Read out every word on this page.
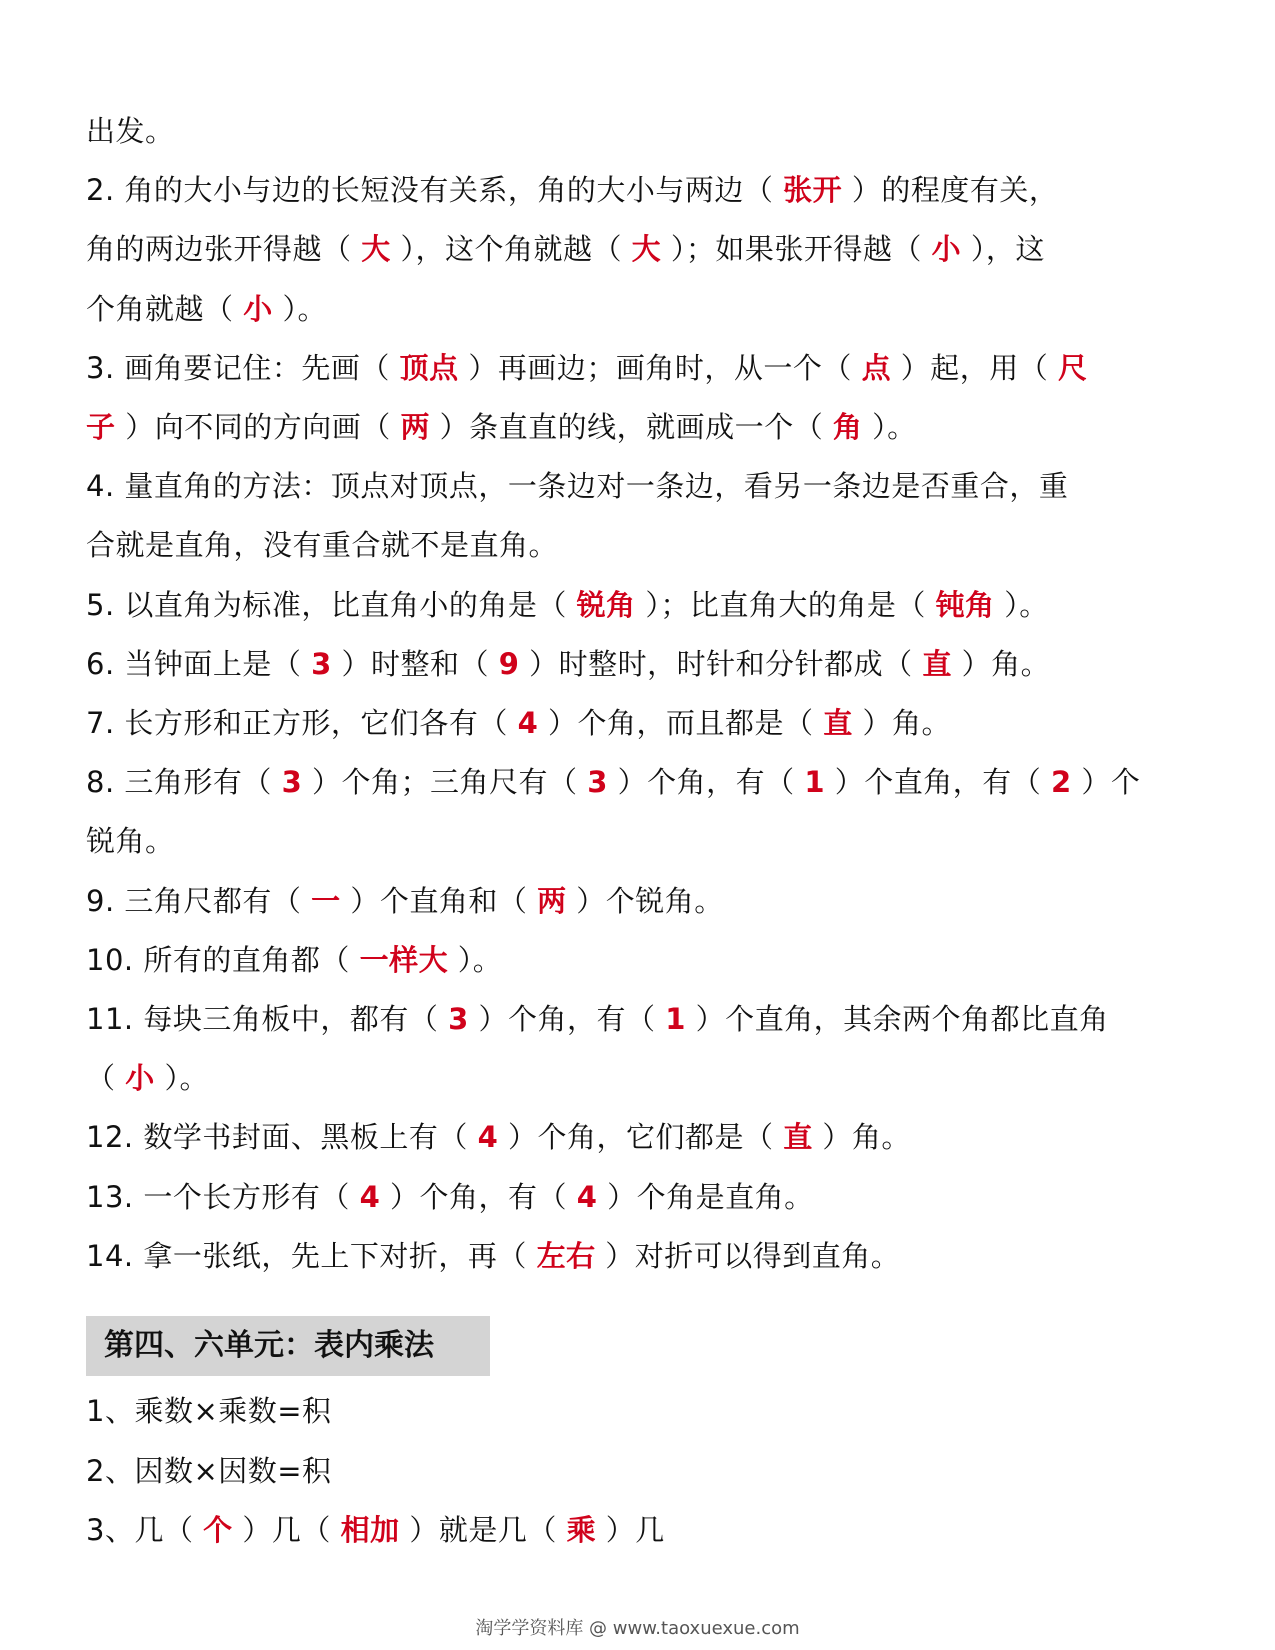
出发。
2. 角的大小与边的长短没有关系，角的大小与两边（ 张开 ）的程度有关，
角的两边张开得越（ 大 ），这个角就越（ 大 ）；如果张开得越（ 小 ），这
个角就越（ 小 ）。
3. 画角要记住：先画（ 顶点 ）再画边；画角时，从一个（ 点 ）起，用（ 尺
子 ）向不同的方向画（ 两 ）条直直的线，就画成一个（ 角 ）。
4. 量直角的方法：顶点对顶点，一条边对一条边，看另一条边是否重合，重
合就是直角，没有重合就不是直角。
5. 以直角为标准，比直角小的角是（ 锐角 ）；比直角大的角是（ 钝角 ）。
6. 当钟面上是（ 3 ）时整和（ 9 ）时整时，时针和分针都成（ 直 ）角。
7. 长方形和正方形，它们各有（ 4 ）个角，而且都是（ 直 ）角。
8. 三角形有（ 3 ）个角；三角尺有（ 3 ）个角，有（ 1 ）个直角，有（ 2 ）个
锐角。
9. 三角尺都有（ 一 ）个直角和（ 两 ）个锐角。
10. 所有的直角都（ 一样大 ）。
11. 每块三角板中，都有（ 3 ）个角，有（ 1 ）个直角，其余两个角都比直角
（ 小 ）。
12. 数学书封面、黑板上有（ 4 ）个角，它们都是（ 直 ）角。
13. 一个长方形有（ 4 ）个角，有（ 4 ）个角是直角。
14. 拿一张纸，先上下对折，再（ 左右 ）对折可以得到直角。
第四、六单元：表内乘法
1、乘数×乘数=积
2、因数×因数=积
3、几（ 个 ）几（ 相加 ）就是几（ 乘 ）几
淘学学资料库 @ www.taoxuexue.com
